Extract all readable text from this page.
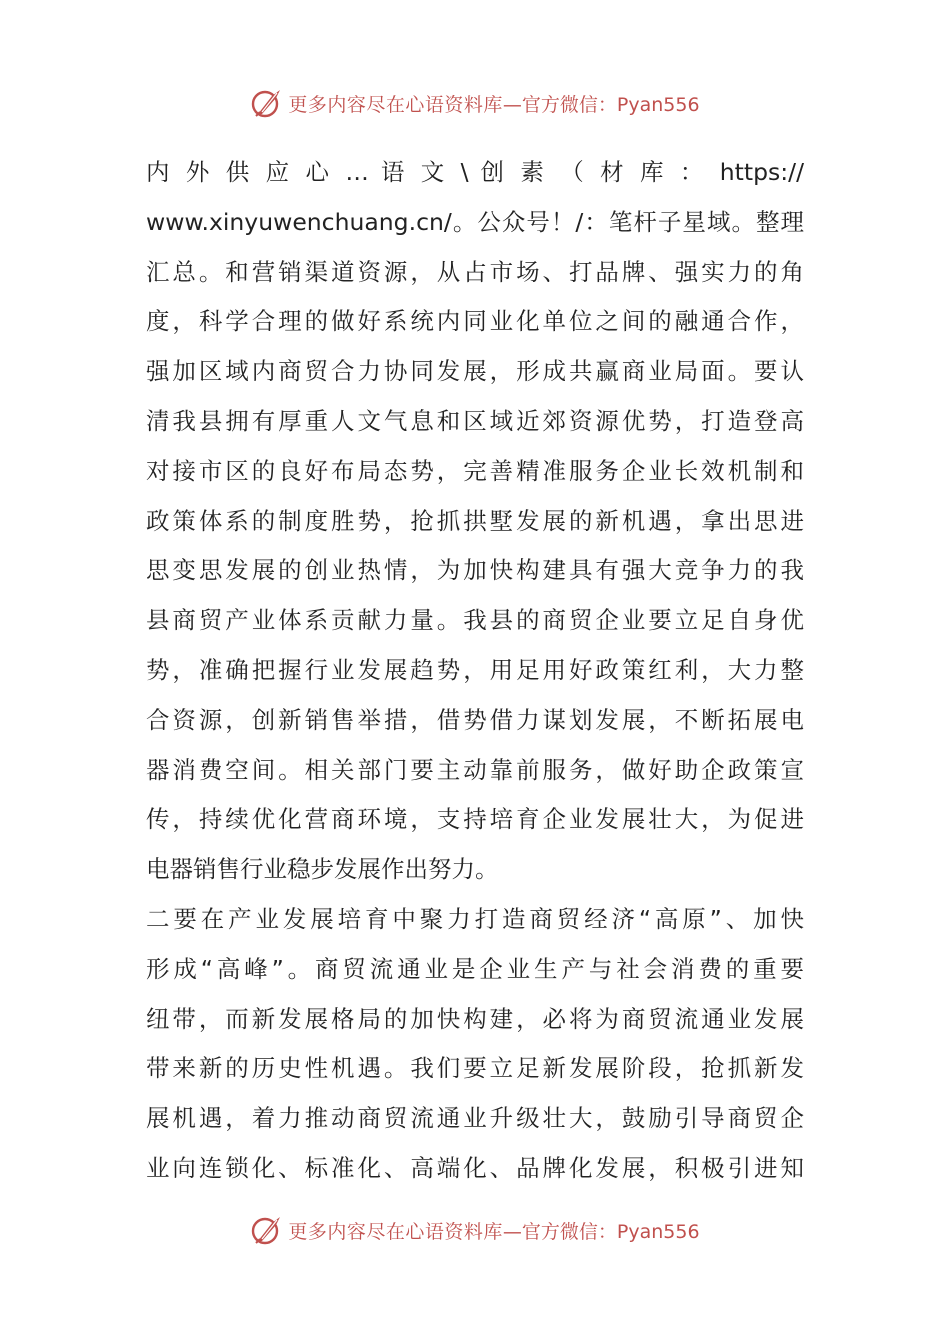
更多内容尽在心语资料库 —官方微信：Pyan556
内 外 供 应 心 … 语 文 \ 创 素 （ 材 库 ： https://
www.xinyuwenchuang.cn/。公众号！/：笔杆子星域。整理
汇总。和营销渠道资源，从占市场、打品牌、强实力的角
度，科学合理的做好系统内同业化单位之间的融通合作，
强加区域内商贸合力协同发展，形成共赢商业局面。要认
清我县拥有厚重人文气息和区域近郊资源优势，打造登高
对接市区的良好布局态势，完善精准服务企业长效机制和
政策体系的制度胜势，抢抓拱墅发展的新机遇，拿出思进
思变思发展的创业热情，为加快构建具有强大竞争力的我
县商贸产业体系贡献力量。我县的商贸企业要立足自身优
势，准确把握行业发展趋势，用足用好政策红利，大力整
合资源，创新销售举措，借势借力谋划发展，不断拓展电
器消费空间。相关部门要主动靠前服务，做好助企政策宣
传，持续优化营商环境，支持培育企业发展壮大，为促进
电器销售行业稳步发展作出努力。
二要在产业发展培育中聚力打造商贸经济“高原”、加快
形成“高峰”。商贸流通业是企业生产与社会消费的重要
纽带，而新发展格局的加快构建，必将为商贸流通业发展
带来新的历史性机遇。我们要立足新发展阶段，抢抓新发
展机遇，着力推动商贸流通业升级壮大，鼓励引导商贸企
业向连锁化、标准化、高端化、品牌化发展，积极引进知
更多内容尽在心语资料库 —官方微信：Pyan556
